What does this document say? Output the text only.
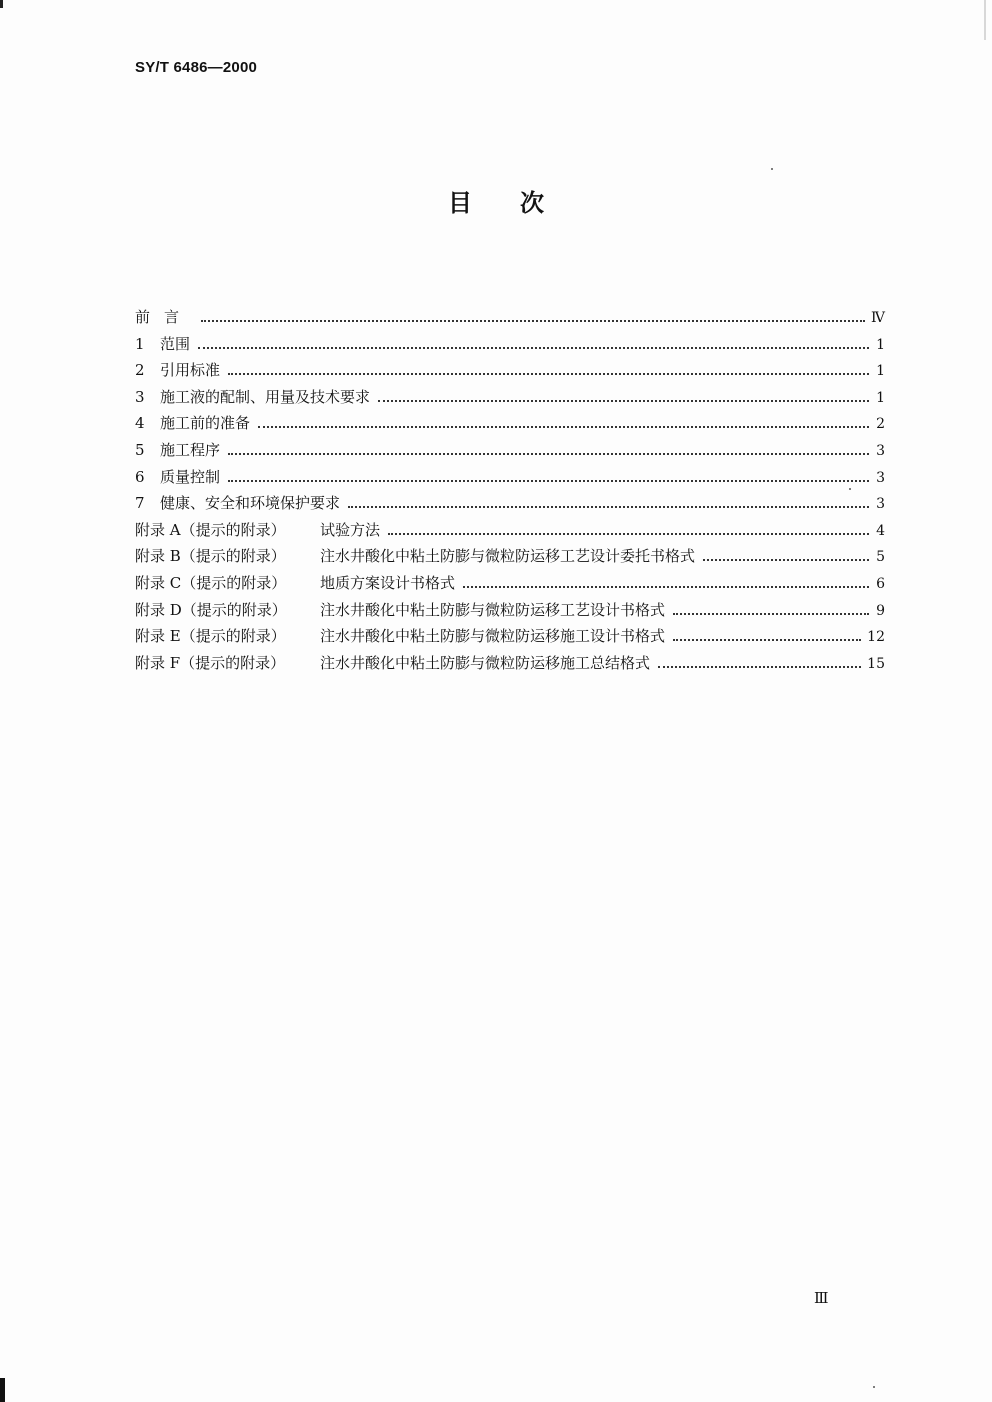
SY/T 6486—2000
目次
前言	Ⅳ
1	范围	1
2	引用标准	1
3	施工液的配制、用量及技术要求	1
4	施工前的准备	2
5	施工程序	3
6	质量控制	3
7	健康、安全和环境保护要求	3
附录 A（提示的附录）	试验方法	4
附录 B（提示的附录）	注水井酸化中粘土防膨与微粒防运移工艺设计委托书格式	5
附录 C（提示的附录）	地质方案设计书格式	6
附录 D（提示的附录）	注水井酸化中粘土防膨与微粒防运移工艺设计书格式	9
附录 E（提示的附录）	注水井酸化中粘土防膨与微粒防运移施工设计书格式	12
附录 F（提示的附录）	注水井酸化中粘土防膨与微粒防运移施工总结格式	15
Ⅲ
